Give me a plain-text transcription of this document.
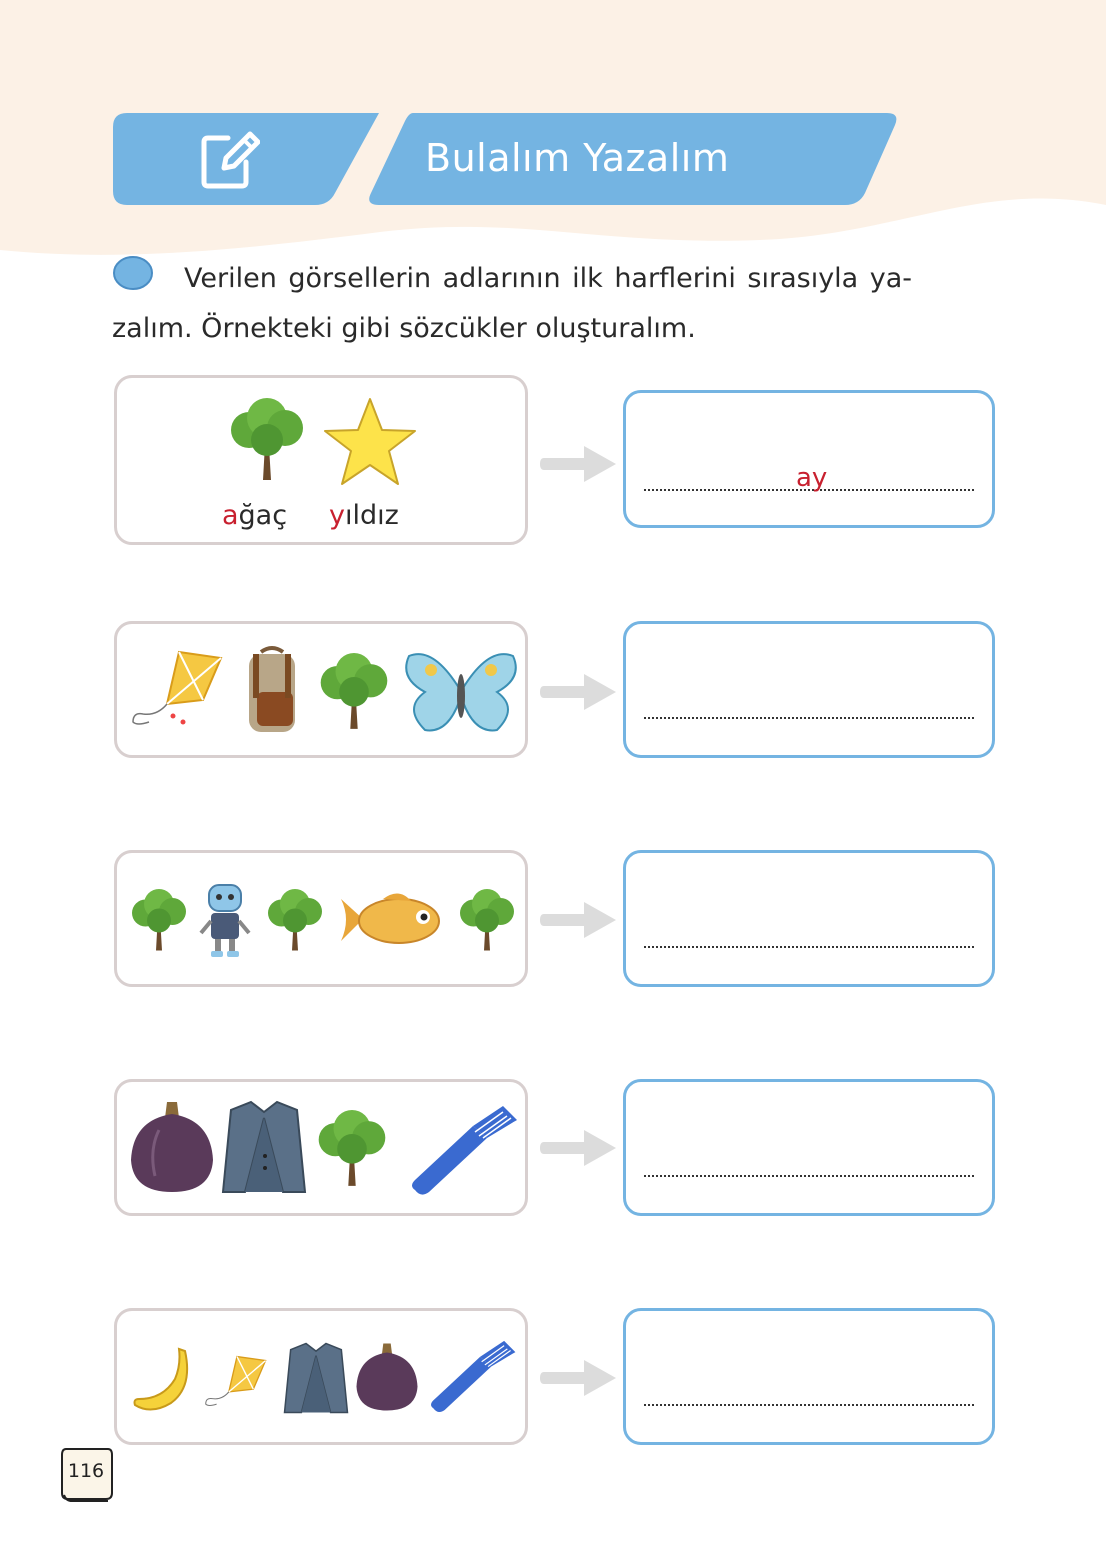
Bulalım Yazalım
Verilen görsellerin adlarının ilk harflerini sırasıyla ya- zalım. Örnekteki gibi sözcükler oluşturalım.
ağaç yıldız
ay
116
